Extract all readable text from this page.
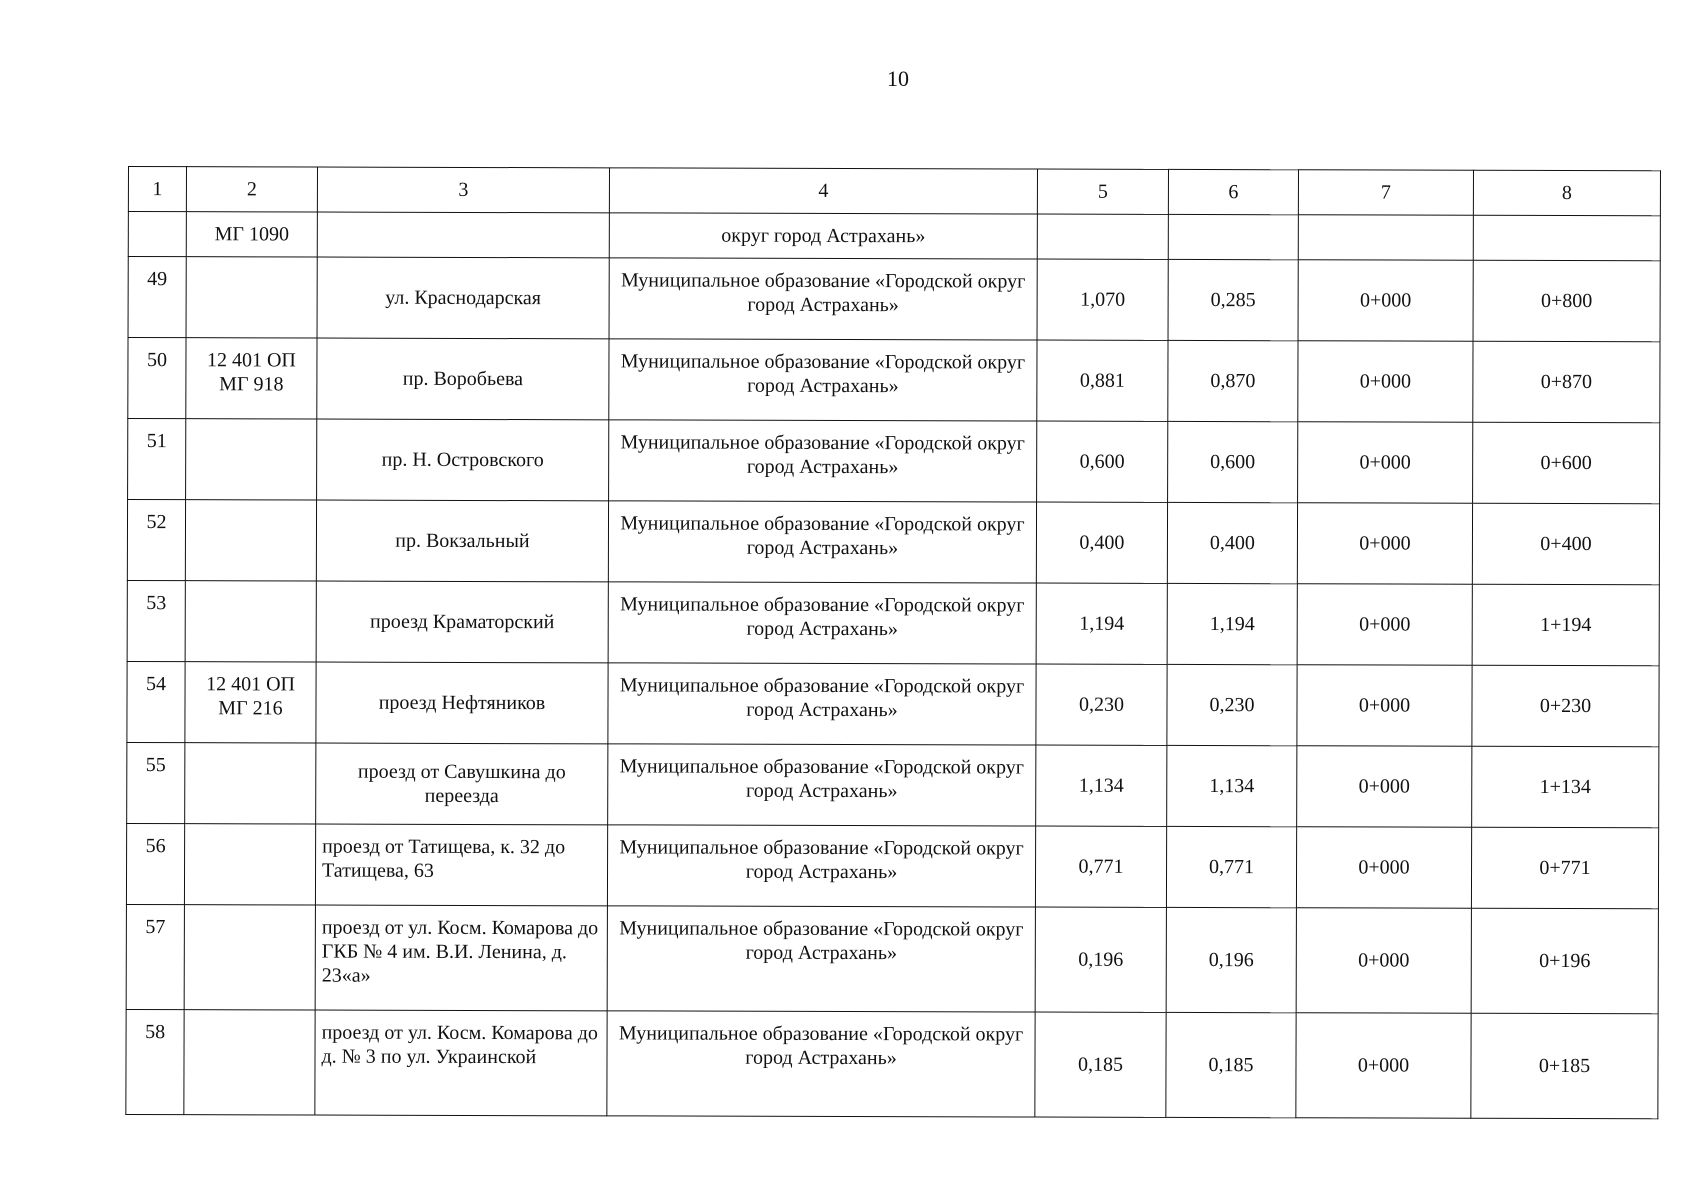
10
1	2	3	4	5	6	7	8
	МГ 1090		округ город Астрахань»				
49		ул. Краснодарская	Муниципальное образование «Городской округ город Астрахань»	1,070	0,285	0+000	0+800
50	12 401 ОП МГ 918	пр. Воробьева	Муниципальное образование «Городской округ город Астрахань»	0,881	0,870	0+000	0+870
51		пр. Н. Островского	Муниципальное образование «Городской округ город Астрахань»	0,600	0,600	0+000	0+600
52		пр. Вокзальный	Муниципальное образование «Городской округ город Астрахань»	0,400	0,400	0+000	0+400
53		проезд Краматорский	Муниципальное образование «Городской округ город Астрахань»	1,194	1,194	0+000	1+194
54	12 401 ОП МГ 216	проезд Нефтяников	Муниципальное образование «Городской округ город Астрахань»	0,230	0,230	0+000	0+230
55		проезд от Савушкина до переезда	Муниципальное образование «Городской округ город Астрахань»	1,134	1,134	0+000	1+134
56		проезд от Татищева, к. 32 до Татищева, 63	Муниципальное образование «Городской округ город Астрахань»	0,771	0,771	0+000	0+771
57		проезд от ул. Косм. Комарова до ГКБ № 4 им. В.И. Ленина, д. 23«а»	Муниципальное образование «Городской округ город Астрахань»	0,196	0,196	0+000	0+196
58		проезд от ул. Косм. Комарова до д. № 3 по ул. Украинской	Муниципальное образование «Городской округ город Астрахань»	0,185	0,185	0+000	0+185
